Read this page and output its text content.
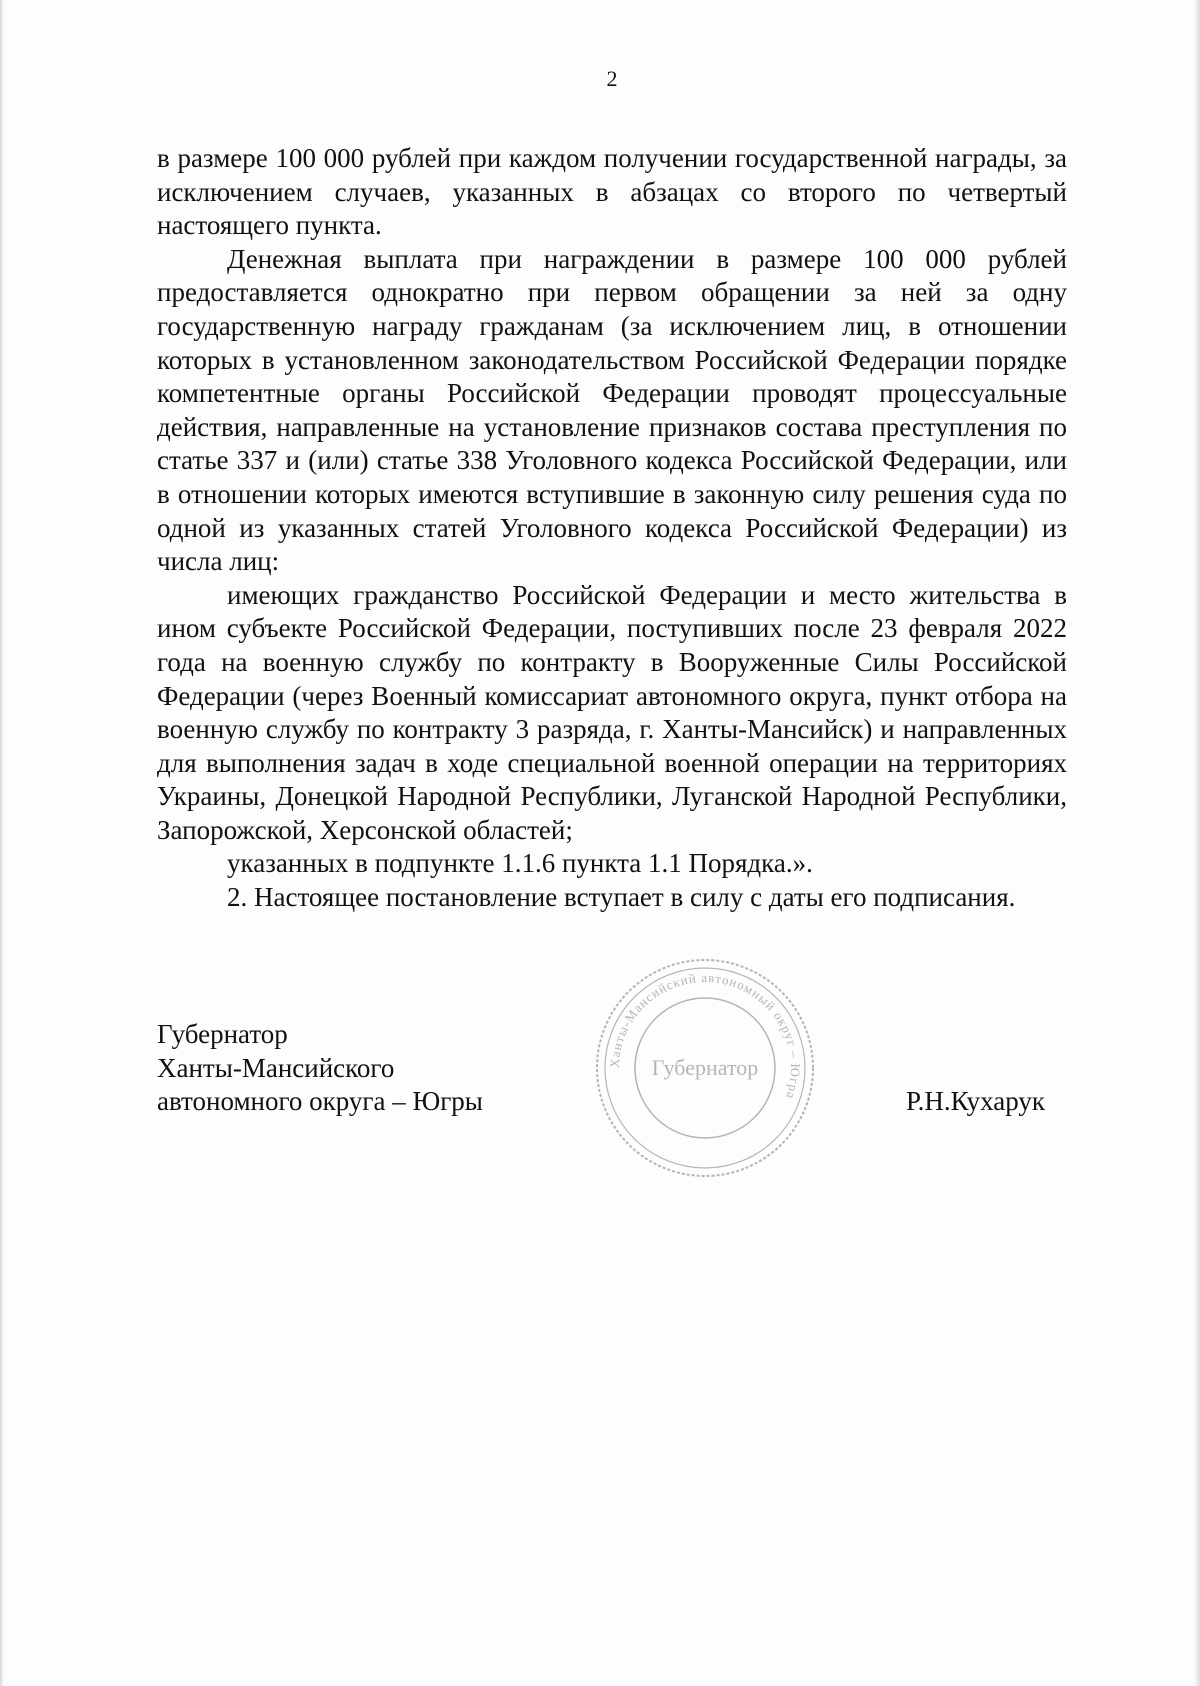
2

в размере 100 000 рублей при каждом получении государственной награды, за исключением случаев, указанных в абзацах со второго по четвертый настоящего пункта.

Денежная выплата при награждении в размере 100 000 рублей предоставляется однократно при первом обращении за ней за одну государственную награду гражданам (за исключением лиц, в отношении которых в установленном законодательством Российской Федерации порядке компетентные органы Российской Федерации проводят процессуальные действия, направленные на установление признаков состава преступления по статье 337 и (или) статье 338 Уголовного кодекса Российской Федерации, или в отношении которых имеются вступившие в законную силу решения суда по одной из указанных статей Уголовного кодекса Российской Федерации) из числа лиц:

имеющих гражданство Российской Федерации и место жительства в ином субъекте Российской Федерации, поступивших после 23 февраля 2022 года на военную службу по контракту в Вооруженные Силы Российской Федерации (через Военный комиссариат автономного округа, пункт отбора на военную службу по контракту 3 разряда, г. Ханты-Мансийск) и направленных для выполнения задач в ходе специальной военной операции на территориях Украины, Донецкой Народной Республики, Луганской Народной Республики, Запорожской, Херсонской областей;

указанных в подпункте 1.1.6 пункта 1.1 Порядка.».

2. Настоящее постановление вступает в силу с даты его подписания.

Губернатор
Ханты-Мансийского
автономного округа – Югры
Ханты-Мансийский автономный округ – Югра
Губернатор
Р.Н.Кухарук
